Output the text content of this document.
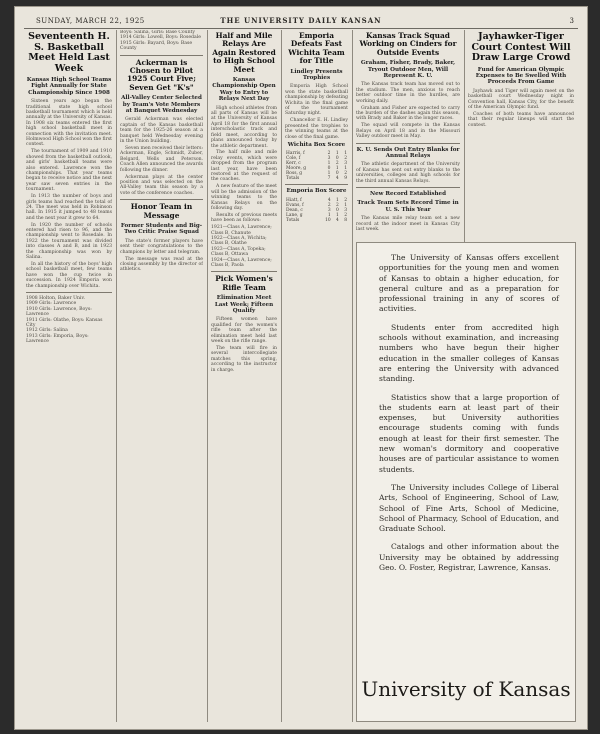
SUNDAY, MARCH 22, 1925	THE UNIVERSITY DAILY KANSAN	3
Seventeenth H. S. Basketball Meet Held Last Week
Kansas High School Teams Fight Annually for State Championship Since 1908

Sixteen years ago began the traditional state high school basketball tournament which is held annually at the University of Kansas. In 1908 six teams entered the first high school basketball meet in connection with the invitation meet. Holmwood High School won the first contest.

The tournament of 1909 and 1910 showed from the basketball outlook, and girls' basketball teams were also entered. Lawrence won the championships. That year teams began to receive notice and the next year saw seven entries in the tournament.

In 1913 the number of boys and girls teams had reached the total of 24. The meet was held in Robinson hall. In 1915 it jumped to 48 teams and the next year it grew to 64.

In 1920 the number of schools entered had risen to 96, and the championship went to Rosedale. In 1922 the tournament was divided into classes A and B, and in 1923 the championship was won by Salina.

In all the history of the boys' high school basketball meet, few teams have won the cup twice in succession. In 1924 Emporia won the championship over Wichita.

1908 Holton, Baker Univ.
1909 Girls: Lawrence
1910 Girls: Lawrence, Boys: Lawrence
1911 Girls: Olathe, Boys: Kansas City
1912 Girls: Salina
1913 Girls: Emporia, Boys: Lawrence
Boys: Salina, Girls: Base County
1914 Girls: Lowell, Boys: Rosedale
1915 Girls: Bayard, Boys: Base County
Ackerman is Chosen to Pilot 1925 Court Five; Seven Get "K's"
All-Valley Center Selected by Team's Vote Members at Banquet Wednesday

Gerald Ackerman was elected captain of the Kansas basketball team for the 1925-26 season at a banquet held Wednesday evening in the Union building.

Seven men received their letters: Ackerman, Engle, Schmidt, Zuber, Belgard, Wells and Peterson. Coach Allen announced the awards following the dinner.

Ackerman plays at the center position and was selected on the All-Valley team this season by a vote of the conference coaches.

Honor Team in Message
Former Students and Big-Two Critic Praise Squad

The state's former players have sent their congratulations to the champions by letter and telegram.

The message was read at the closing assembly by the director of athletics.

Half and Mile Relays Are Again Restored to High School Meet
Kansas Championship Open Way to Entry to Relays Next Day

High school athletes from all parts of Kansas will be at the University of Kansas April 18 for the first annual interscholastic track and field meet, according to plans announced today by the athletic department.

The half mile and mile relay events, which were dropped from the program last year, have been restored at the request of the coaches.

A new feature of the meet will be the admission of the winning teams to the Kansas Relays on the following day.

Results of previous meets have been as follows:

1921—Class A, Lawrence; Class B, Chanute
1922—Class A, Wichita; Class B, Olathe
1923—Class A, Topeka; Class B, Ottawa
1924—Class A, Lawrence; Class B, Paola
Pick Women's Rifle Team
Elimination Meet Last Week; Fifteen Qualify

Fifteen women have qualified for the women's rifle team after the elimination meet held last week on the rifle range.

The team will fire in several intercollegiate matches this spring, according to the instructor in charge.

Emporia Defeats Fast Wichita Team for Title
Lindley Presents Trophies

Emporia High School won the state basketball championship by defeating Wichita in the final game of the tournament Saturday night.

Chancellor E. H. Lindley presented the trophies to the winning teams at the close of the final game.

Wichita Box Score
Harris, f	2	1	1
Cole, f	3	0	2
Kerr, c	1	2	3
Moore, g	0	1	1
Ross, g	1	0	2
Totals	7	4	9
Emporia Box Score
Hiatt, f	4	1	2
Evans, f	2	2	1
Dean, c	3	0	3
Lane, g	1	1	2
Totals	10	4	8
Kansas Track Squad Working on Cinders for Outside Events
Graham, Fisher, Brady, Baker, Tryout Outdoor Men, Will Represent K. U.

The Kansas track team has moved out to the stadium. The men, anxious to reach better outdoor time in the hurdles, are working daily.

Graham and Fisher are expected to carry the burden of the dashes again this season, with Brady and Baker in the longer races.

The squad will compete in the Kansas Relays on April 18 and in the Missouri Valley outdoor meet in May.

K. U. Sends Out Entry Blanks for Annual Relays

The athletic department of the University of Kansas has sent out entry blanks to the universities, colleges and high schools for the third annual Kansas Relays.

New Record Established
Track Team Sets Record Time in U. S. This Year

The Kansas mile relay team set a new record at the indoor meet in Kansas City last week.

Jayhawker-Tiger Court Contest Will Draw Large Crowd
Fund for American Olympic Expenses to Be Swelled With Proceeds From Game

Jayhawk and Tiger will again meet on the basketball court Wednesday night in Convention hall, Kansas City, for the benefit of the American Olympic fund.

Coaches of both teams have announced that their regular lineups will start the contest.

The University of Kansas offers excellent opportunities for the young men and women of Kansas to obtain a higher education, for general culture and as a preparation for professional training in any of scores of activities.

Students enter from accredited high schools without examination, and increasing numbers who have begun their higher education in the smaller colleges of Kansas are entering the University with advanced standing.

Statistics show that a large proportion of the students earn at least part of their expenses, but University authorities encourage students coming with funds enough at least for their first semester. The new woman's dormitory and cooperative houses are of particular assistance to women students.

The University includes College of Liberal Arts, School of Engineering, School of Law, School of Fine Arts, School of Medicine, School of Pharmacy, School of Education, and Graduate School.

Catalogs and other information about the University may be obtained by addressing Geo. O. Foster, Registrar, Lawrence, Kansas.

University of Kansas
